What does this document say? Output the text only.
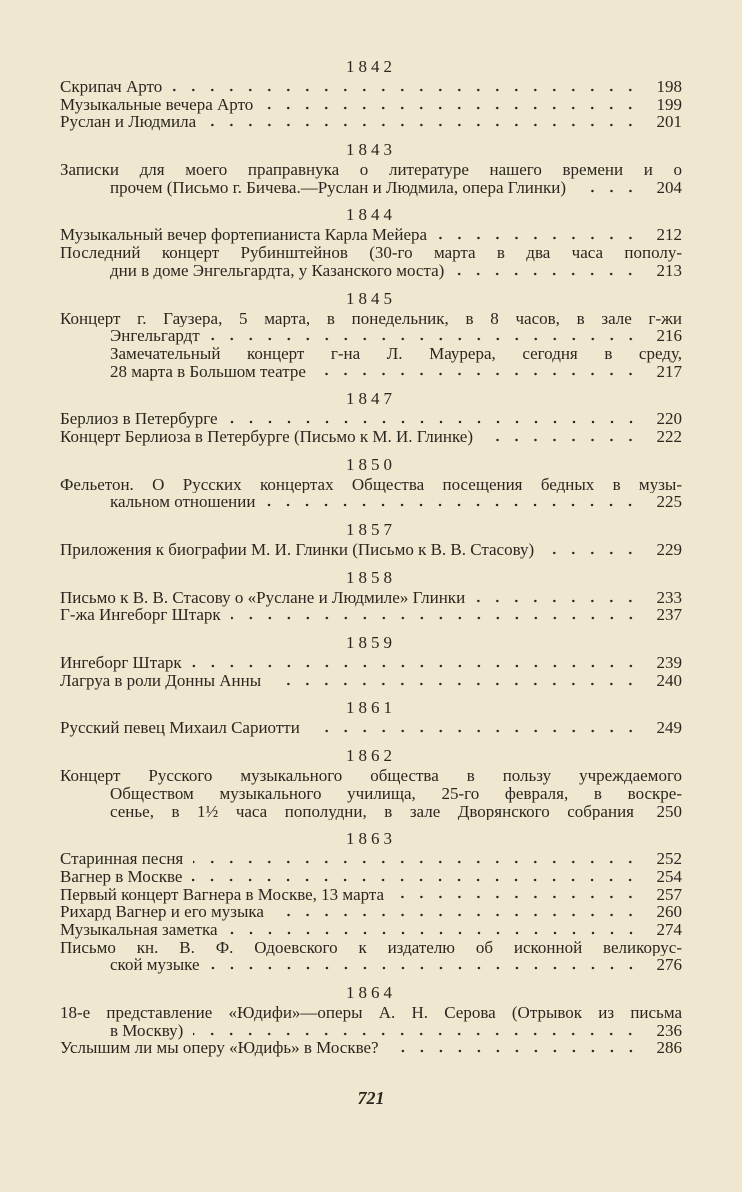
1842
Скрипач Арто	198
Музыкальные вечера Арто	199
Руслан и Людмила	201
1843
Записки для моего праправнука о литературе нашего времени и о
прочем (Письмо г. Бичева.—Руслан и Людмила, опера Глинки)	204
1844
Музыкальный вечер фортепианиста Карла Мейера	212
Последний концерт Рубинштейнов (30-го марта в два часа пополу-
дни в доме Энгельгардта, у Казанского моста)	213
1845
Концерт г. Гаузера, 5 марта, в понедельник, в 8 часов, в зале г-жи
Энгельгардт	216
Замечательный концерт г-на Л. Маурера, сегодня в среду,
28 марта в Большом театре	217
1847
Берлиоз в Петербурге	220
Концерт Берлиоза в Петербурге (Письмо к М. И. Глинке)	222
1850
Фельетон. О Русских концертах Общества посещения бедных в музы-
кальном отношении	225
1857
Приложения к биографии М. И. Глинки (Письмо к В. В. Стасову)	229
1858
Письмо к В. В. Стасову о «Руслане и Людмиле» Глинки	233
Г-жа Ингеборг Штарк	237
1859
Ингеборг Штарк	239
Лагруа в роли Донны Анны	240
1861
Русский певец Михаил Сариотти	249
1862
Концерт Русского музыкального общества в пользу учреждаемого
Обществом музыкального училища, 25-го февраля, в воскре-
сенье, в 1½ часа пополудни, в зале Дворянского собрания	250
1863
Старинная песня	252
Вагнер в Москве	254
Первый концерт Вагнера в Москве, 13 марта	257
Рихард Вагнер и его музыка	260
Музыкальная заметка	274
Письмо кн. В. Ф. Одоевского к издателю об исконной великорус-
ской музыке	276
1864
18-е представление «Юдифи»—оперы А. Н. Серова (Отрывок из письма
в Москву)	236
Услышим ли мы оперу «Юдифь» в Москве?	286
721
